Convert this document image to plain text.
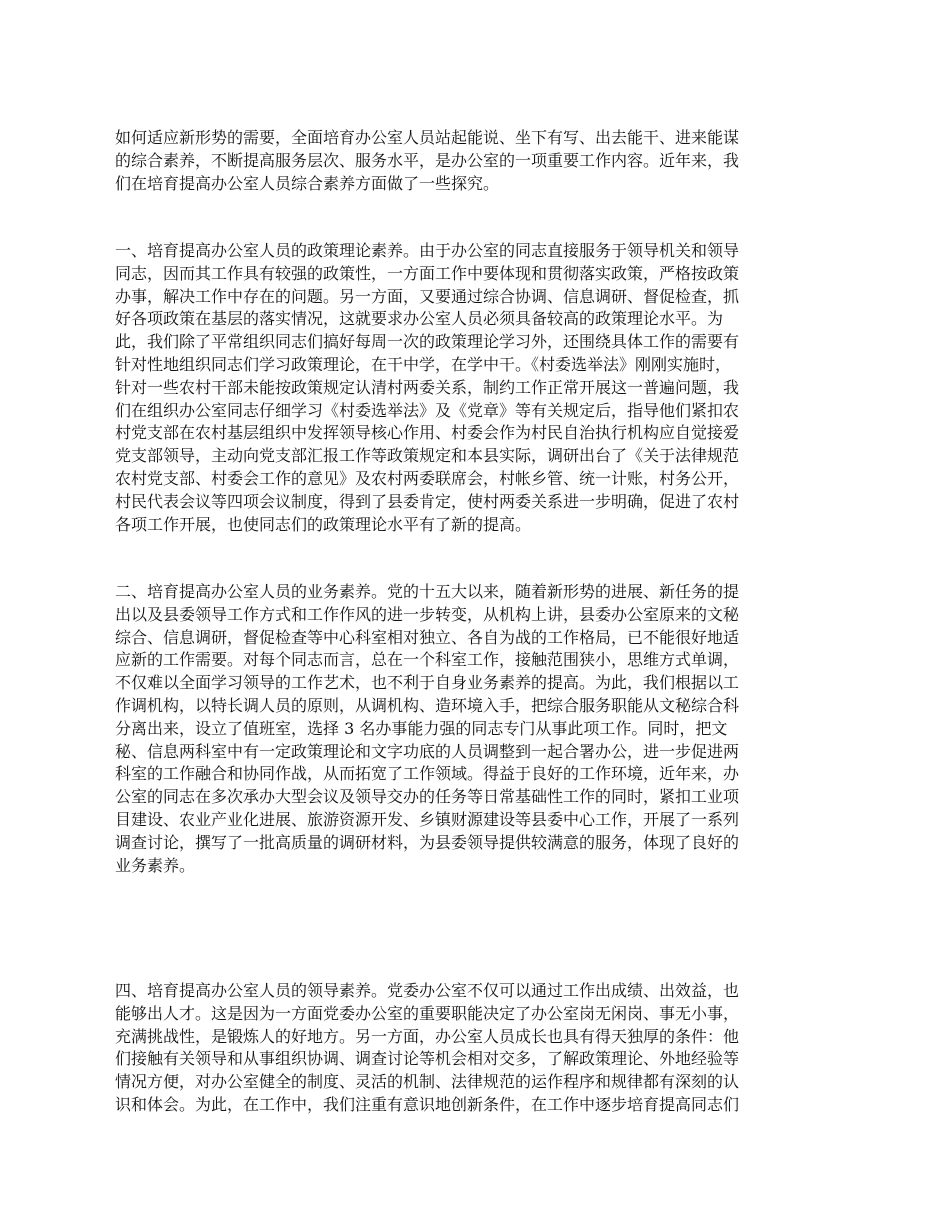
如何适应新形势的需要，全面培育办公室人员站起能说、坐下有写、出去能干、进来能谋
的综合素养，不断提高服务层次、服务水平，是办公室的一项重要工作内容。近年来，我
们在培育提高办公室人员综合素养方面做了一些探究。
一、培育提高办公室人员的政策理论素养。由于办公室的同志直接服务于领导机关和领导
同志，因而其工作具有较强的政策性，一方面工作中要体现和贯彻落实政策，严格按政策
办事，解决工作中存在的问题。另一方面，又要通过综合协调、信息调研、督促检查，抓
好各项政策在基层的落实情况，这就要求办公室人员必须具备较高的政策理论水平。为
此，我们除了平常组织同志们搞好每周一次的政策理论学习外，还围绕具体工作的需要有
针对性地组织同志们学习政策理论，在干中学，在学中干。《村委选举法》刚刚实施时，
针对一些农村干部未能按政策规定认清村两委关系，制约工作正常开展这一普遍问题，我
们在组织办公室同志仔细学习《村委选举法》及《党章》等有关规定后，指导他们紧扣农
村党支部在农村基层组织中发挥领导核心作用、村委会作为村民自治执行机构应自觉接爱
党支部领导，主动向党支部汇报工作等政策规定和本县实际，调研出台了《关于法律规范
农村党支部、村委会工作的意见》及农村两委联席会，村帐乡管、统一计账，村务公开，
村民代表会议等四项会议制度，得到了县委肯定，使村两委关系进一步明确，促进了农村
各项工作开展，也使同志们的政策理论水平有了新的提高。
二、培育提高办公室人员的业务素养。党的十五大以来，随着新形势的进展、新任务的提
出以及县委领导工作方式和工作作风的进一步转变，从机构上讲，县委办公室原来的文秘
综合、信息调研，督促检查等中心科室相对独立、各自为战的工作格局，已不能很好地适
应新的工作需要。对每个同志而言，总在一个科室工作，接触范围狭小，思维方式单调，
不仅难以全面学习领导的工作艺术，也不利于自身业务素养的提高。为此，我们根据以工
作调机构，以特长调人员的原则，从调机构、造环境入手，把综合服务职能从文秘综合科
分离出来，设立了值班室，选择 3 名办事能力强的同志专门从事此项工作。同时，把文
秘、信息两科室中有一定政策理论和文字功底的人员调整到一起合署办公，进一步促进两
科室的工作融合和协同作战，从而拓宽了工作领域。得益于良好的工作环境，近年来，办
公室的同志在多次承办大型会议及领导交办的任务等日常基础性工作的同时，紧扣工业项
目建设、农业产业化进展、旅游资源开发、乡镇财源建设等县委中心工作，开展了一系列
调查讨论，撰写了一批高质量的调研材料，为县委领导提供较满意的服务，体现了良好的
业务素养。
四、培育提高办公室人员的领导素养。党委办公室不仅可以通过工作出成绩、出效益，也
能够出人才。这是因为一方面党委办公室的重要职能决定了办公室岗无闲岗、事无小事，
充满挑战性，是锻炼人的好地方。另一方面，办公室人员成长也具有得天独厚的条件：他
们接触有关领导和从事组织协调、调查讨论等机会相对交多，了解政策理论、外地经验等
情况方便，对办公室健全的制度、灵活的机制、法律规范的运作程序和规律都有深刻的认
识和体会。为此，在工作中，我们注重有意识地创新条件，在工作中逐步培育提高同志们
